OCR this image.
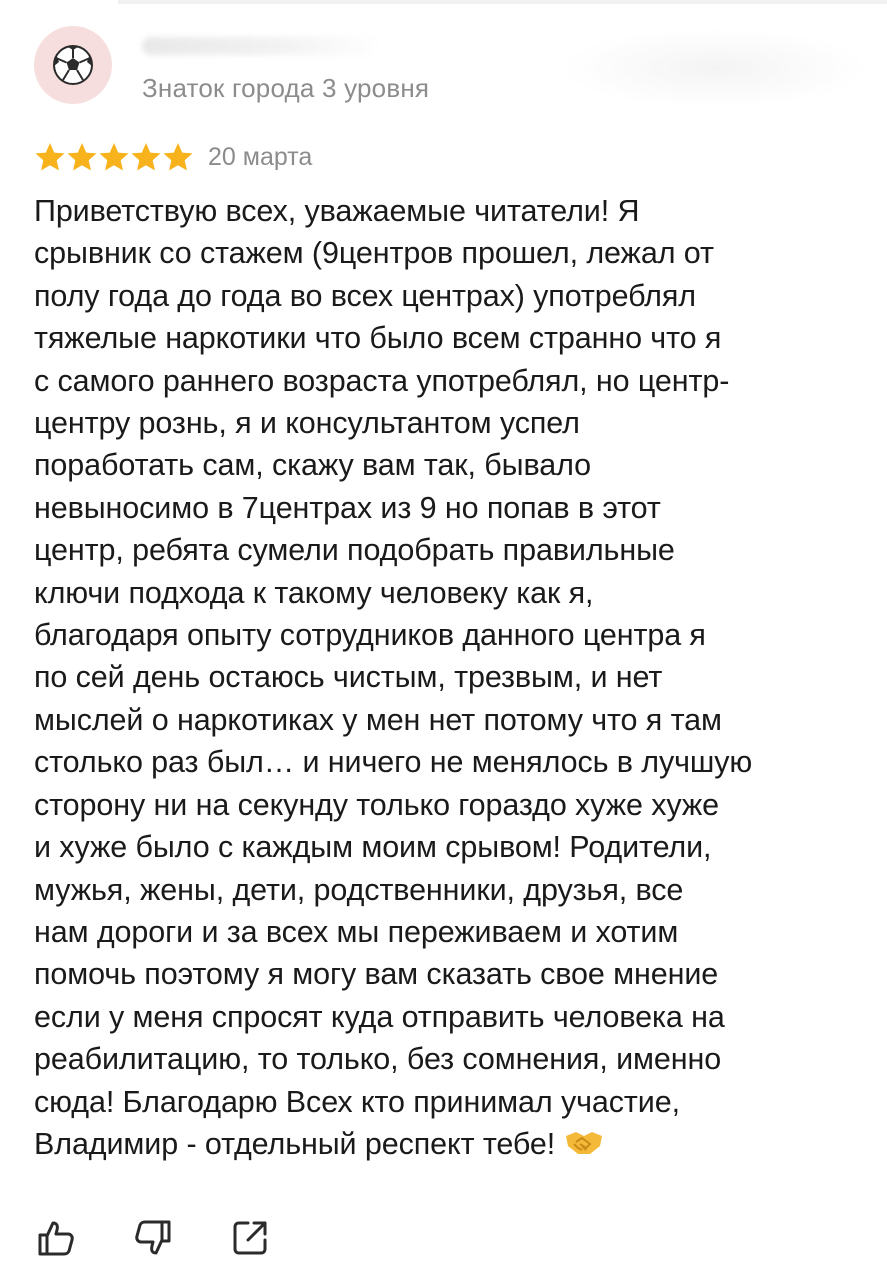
Знаток города 3 уровня
20 марта
Приветствую всех, уважаемые читатели! Я
срывник со стажем (9центров прошел, лежал от
полу года до года во всех центрах) употреблял
тяжелые наркотики что было всем странно что я
с самого раннего возраста употреблял, но центр-
центру рознь, я и консультантом успел
поработать сам, скажу вам так, бывало
невыносимо в 7центрах из 9 но попав в этот
центр, ребята сумели подобрать правильные
ключи подхода к такому человеку как я,
благодаря опыту сотрудников данного центра я
по сей день остаюсь чистым, трезвым, и нет
мыслей о наркотиках у мен нет потому что я там
столько раз был… и ничего не менялось в лучшую
сторону ни на секунду только гораздо хуже хуже
и хуже было с каждым моим срывом! Родители,
мужья, жены, дети, родственники, друзья, все
нам дороги и за всех мы переживаем и хотим
помочь поэтому я могу вам сказать свое мнение
если у меня спросят куда отправить человека на
реабилитацию, то только, без сомнения, именно
сюда! Благодарю Всех кто принимал участие,
Владимир - отдельный респект тебе!
